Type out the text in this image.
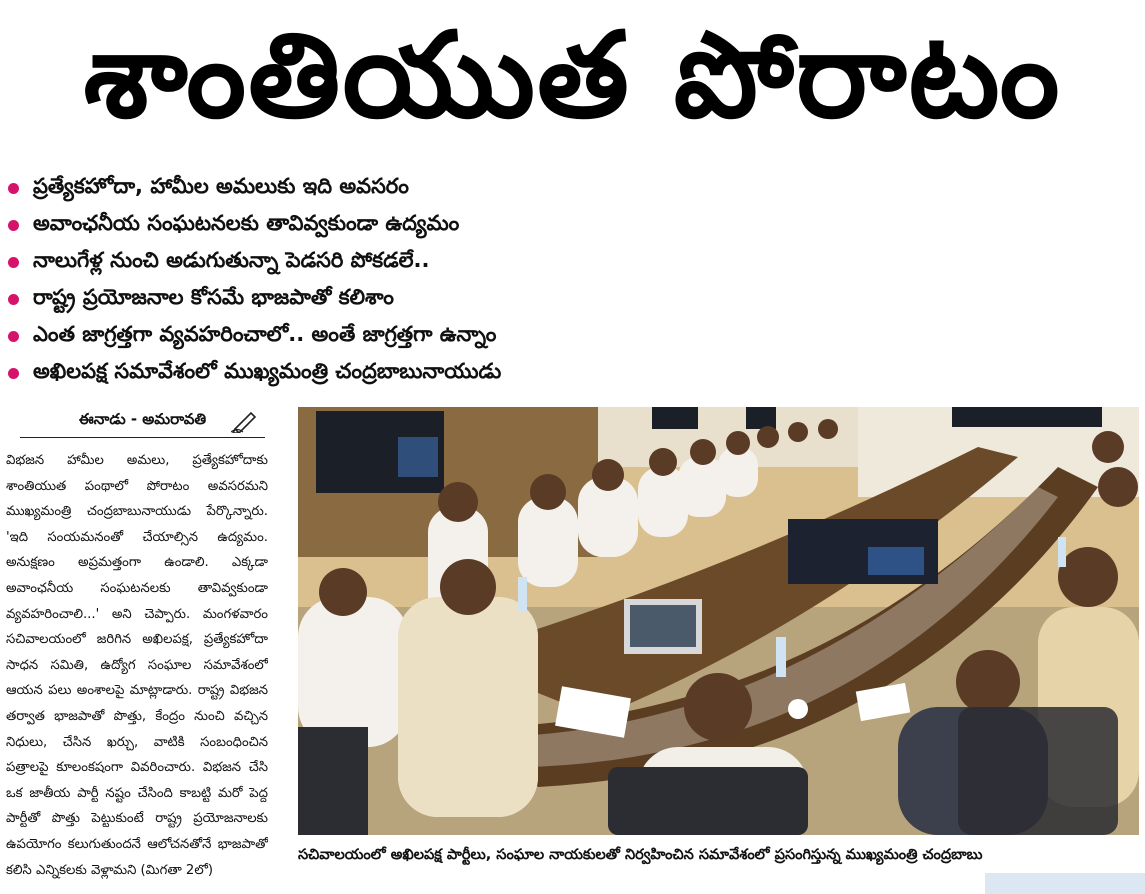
శాంతియుత పోరాటం
ప్రత్యేకహోదా, హామీల అమలుకు ఇది అవసరం
అవాంఛనీయ సంఘటనలకు తావివ్వకుండా ఉద్యమం
నాలుగేళ్ల నుంచి అడుగుతున్నా పెడసరి పోకడలే..
రాష్ట్ర ప్రయోజనాల కోసమే భాజపాతో కలిశాం
ఎంత జాగ్రత్తగా వ్యవహరించాలో.. అంతే జాగ్రత్తగా ఉన్నాం
అఖిలపక్ష సమావేశంలో ముఖ్యమంత్రి చంద్రబాబునాయుడు
ఈనాడు - అమరావతి
విభజన హామీల అమలు, ప్రత్యేకహోదాకు శాంతియుత పంథాలో పోరాటం అవసరమని ముఖ్యమంత్రి చంద్రబాబునాయుడు పేర్కొన్నారు. 'ఇది సంయమనంతో చేయాల్సిన ఉద్యమం. అనుక్షణం అప్రమత్తంగా ఉండాలి. ఎక్కడా అవాంఛనీయ సంఘటనలకు తావివ్వకుండా వ్యవహరించాలి...' అని చెప్పారు. మంగళవారం సచివాలయంలో జరిగిన అఖిలపక్ష, ప్రత్యేకహోదా సాధన సమితి, ఉద్యోగ సంఘాల సమావేశంలో ఆయన పలు అంశాలపై మాట్లాడారు. రాష్ట్ర విభజన తర్వాత భాజపాతో పొత్తు, కేంద్రం నుంచి వచ్చిన నిధులు, చేసిన ఖర్చు, వాటికి సంబంధించిన పత్రాలపై కూలంకషంగా వివరించారు. విభజన చేసి ఒక జాతీయ పార్టీ నష్టం చేసింది కాబట్టి మరో పెద్ద పార్టీతో పొత్తు పెట్టుకుంటే రాష్ట్ర ప్రయోజనాలకు ఉపయోగం కలుగుతుందనే ఆలోచనతోనే భాజపాతో కలిసి ఎన్నికలకు వెళ్లామని (మిగతా 2లో)
సచివాలయంలో అఖిలపక్ష పార్టీలు, సంఘాల నాయకులతో నిర్వహించిన సమావేశంలో ప్రసంగిస్తున్న ముఖ్యమంత్రి చంద్రబాబు
